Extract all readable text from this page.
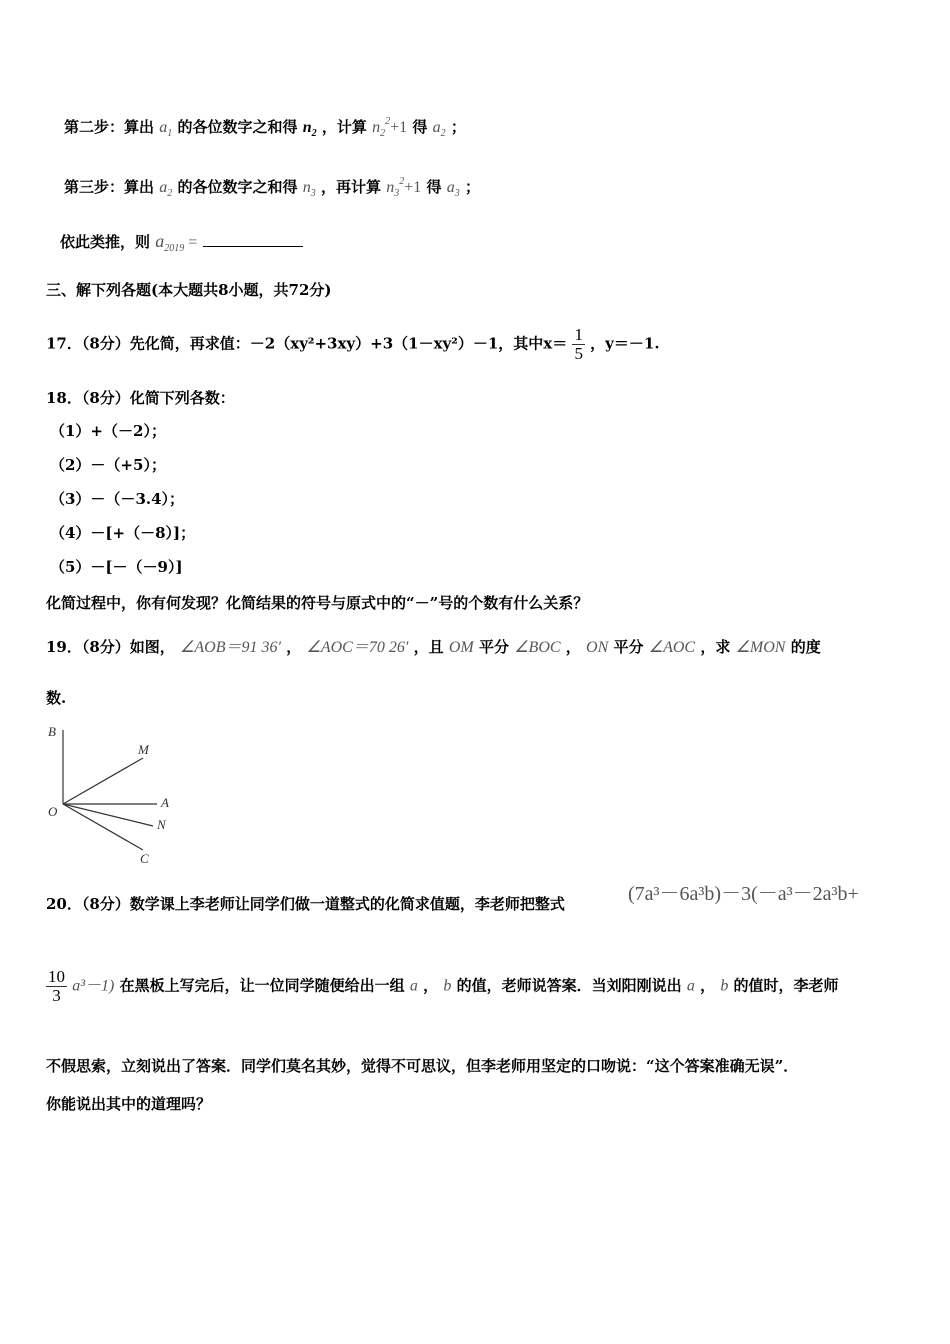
第二步：算出 $a_1$ 的各位数字之和得 $n_2$ ，计算 $n_2^2+1$ 得 $a_2$ ；
第三步：算出 $a_2$ 的各位数字之和得 $n_3$ ，再计算 $n_3^2+1$ 得 $a_3$ ；
依此类推，则 $a_{2019}$ =
三、解下列各题(本大题共8小题，共72分)
17．（8分）先化简，再求值：－2（xy²+3xy）+3（1－xy²）－1，其中$x= \frac{1}{5}$ ，y＝－1.
18．（8分）化简下列各数：
（1）+（－2）；
（2）－（+5）；
（3）－（－3.4）；
（4）－[+（－8）]；
（5）－[－（－9）]
化简过程中，你有何发现？化简结果的符号与原式中的“－”号的个数有什么关系？
19．（8分）如图， ∠AOB＝91 36′ ， ∠AOC＝70 26′ ，且 OM 平分 ∠BOC ， ON 平分 ∠AOC ，求 ∠MON 的度
数.
B
M
O
A
N
C
20．（8分）数学课上李老师让同学们做一道整式的化简求值题，李老师把整式	(7a³－6a³b)－3(－a³－2a³b+
$\frac{10}{3} a^3-1$) 在黑板上写完后，让一位同学随便给出一组 a ， b 的值，老师说答案．当刘阳刚说出 a ， b 的值时，李老师
不假思索，立刻说出了答案．同学们莫名其妙，觉得不可思议，但李老师用坚定的口吻说：“这个答案准确无误”．
你能说出其中的道理吗？
